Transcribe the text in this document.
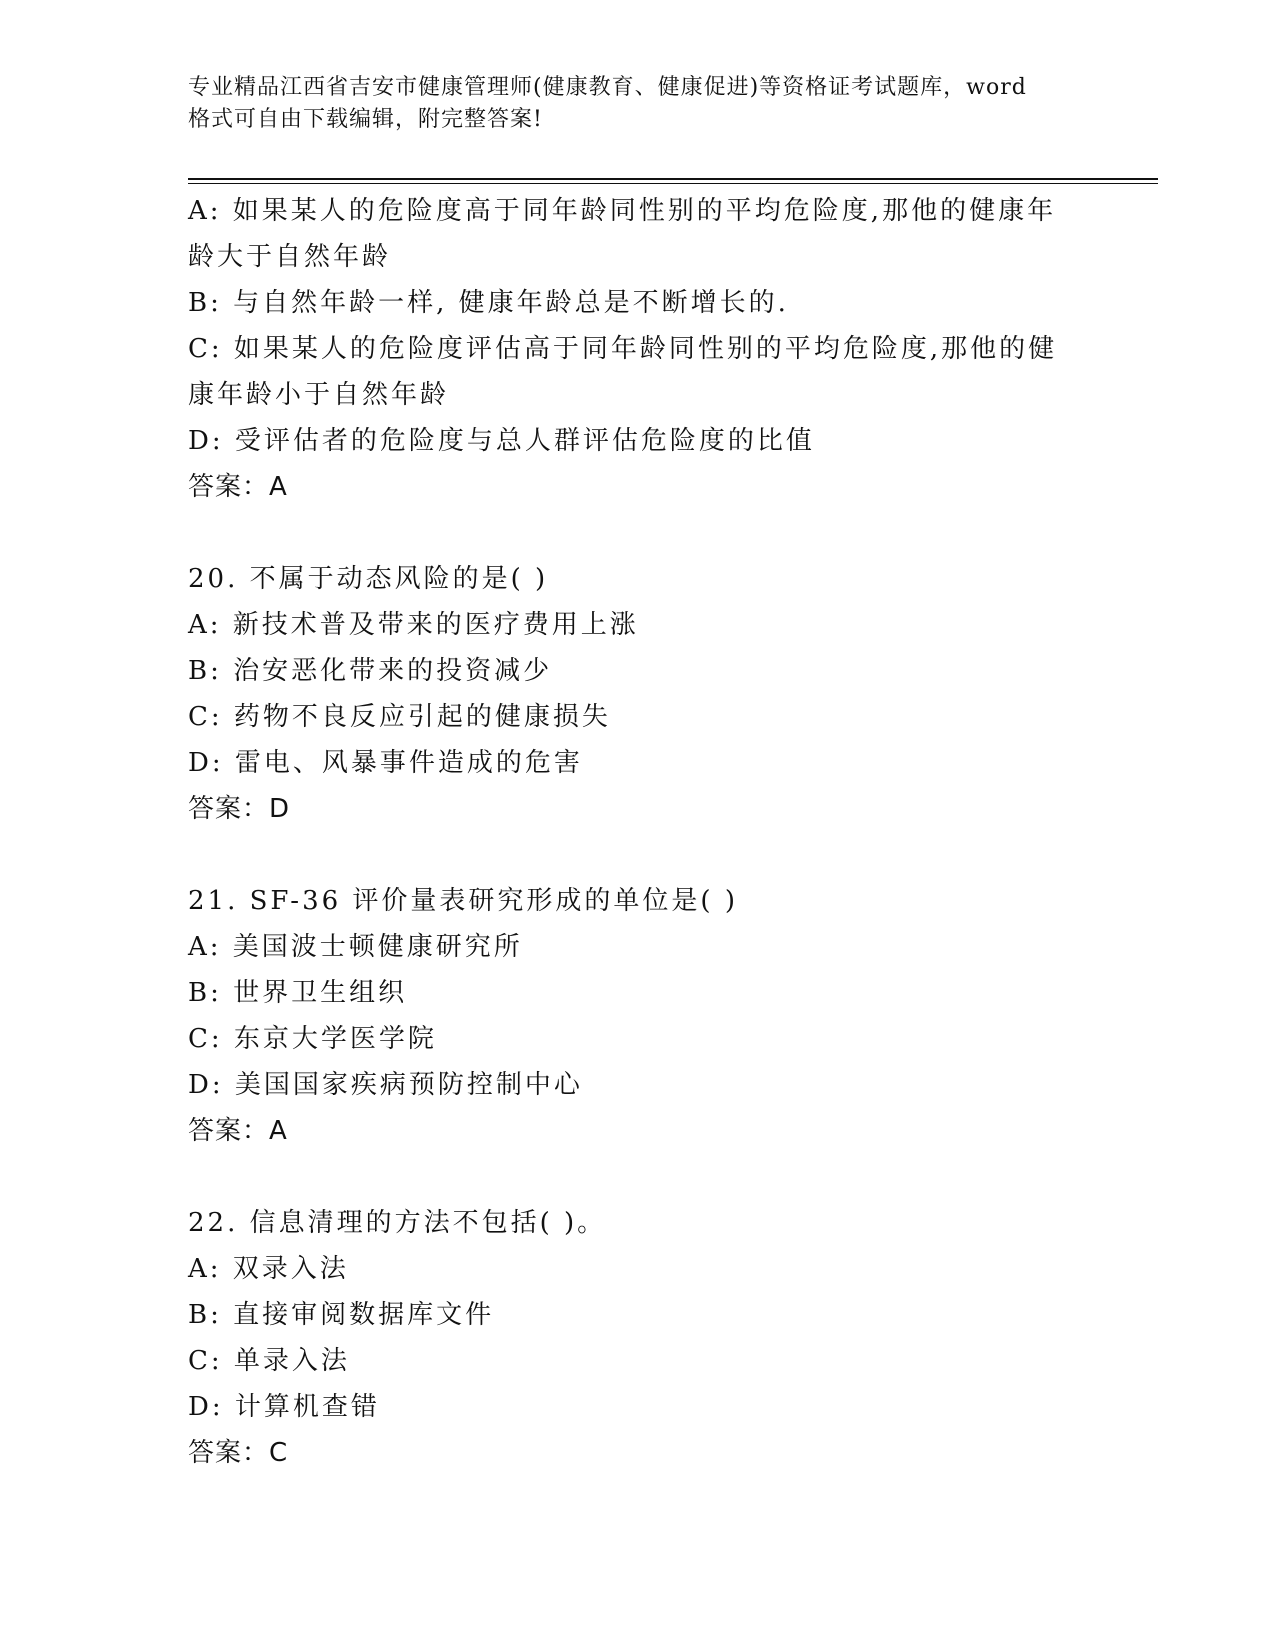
专业精品江西省吉安市健康管理师(健康教育、健康促进)等资格证考试题库，word
格式可自由下载编辑，附完整答案!
A: 如果某人的危险度高于同年龄同性别的平均危险度,那他的健康年
龄大于自然年龄
B: 与自然年龄一样, 健康年龄总是不断增长的.
C: 如果某人的危险度评估高于同年龄同性别的平均危险度,那他的健
康年龄小于自然年龄
D: 受评估者的危险度与总人群评估危险度的比值
答案：A
20. 不属于动态风险的是( )
A: 新技术普及带来的医疗费用上涨
B: 治安恶化带来的投资减少
C: 药物不良反应引起的健康损失
D: 雷电、风暴事件造成的危害
答案：D
21. SF-36 评价量表研究形成的单位是( )
A: 美国波士顿健康研究所
B: 世界卫生组织
C: 东京大学医学院
D: 美国国家疾病预防控制中心
答案：A
22. 信息清理的方法不包括( )。
A: 双录入法
B: 直接审阅数据库文件
C: 单录入法
D: 计算机查错
答案：C
